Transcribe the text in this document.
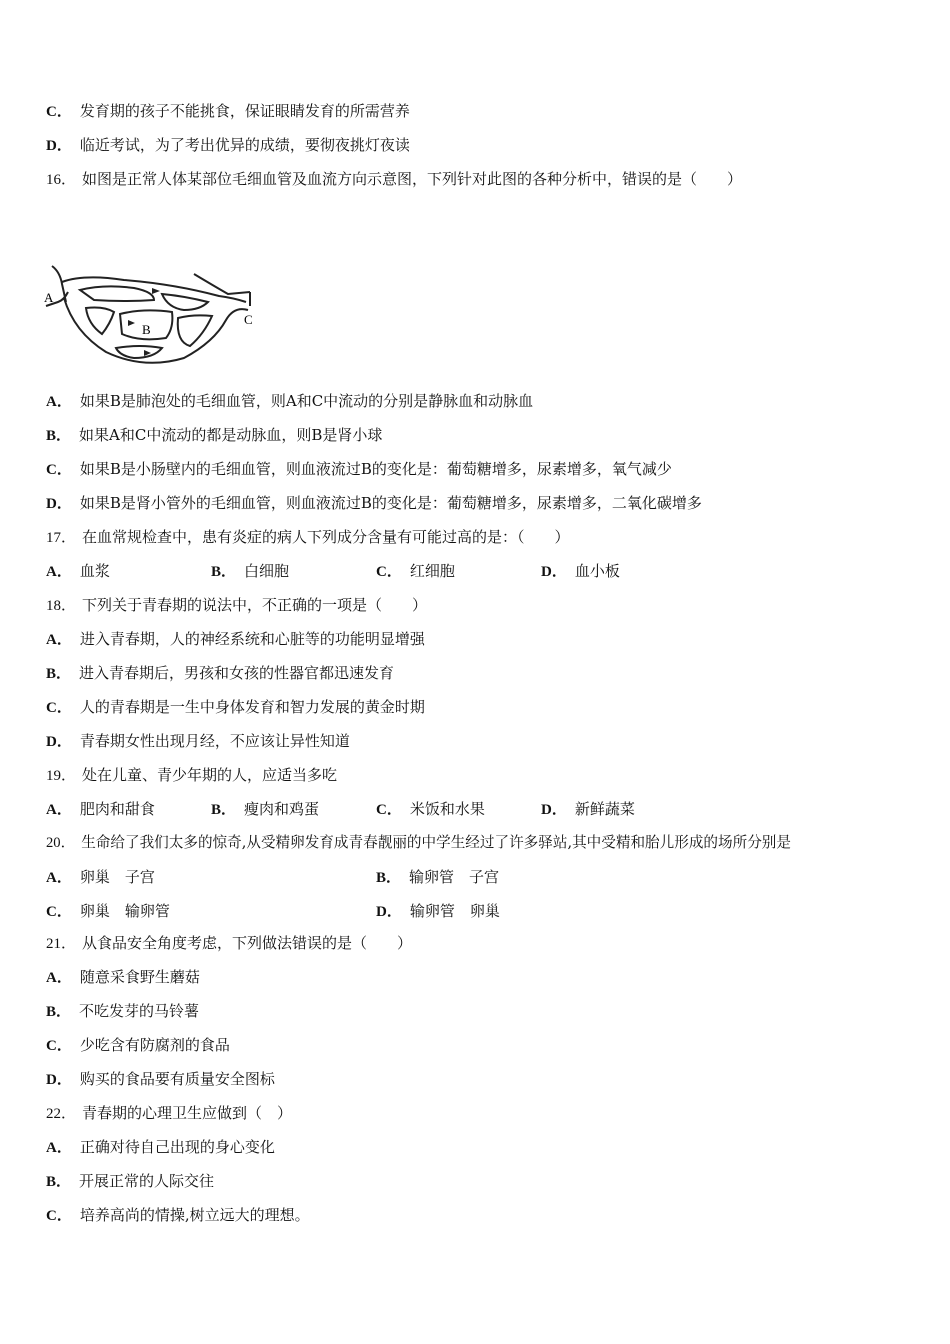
C． 发育期的孩子不能挑食，保证眼睛发育的所需营养
D． 临近考试，为了考出优异的成绩，要彻夜挑灯夜读
16． 如图是正常人体某部位毛细血管及血流方向示意图，下列针对此图的各种分析中，错误的是（　　）
A
B
C
A． 如果B是肺泡处的毛细血管，则A和C中流动的分别是静脉血和动脉血
B． 如果A和C中流动的都是动脉血，则B是肾小球
C． 如果B是小肠壁内的毛细血管，则血液流过B的变化是：葡萄糖增多，尿素增多，氧气减少
D． 如果B是肾小管外的毛细血管，则血液流过B的变化是：葡萄糖增多，尿素增多，二氧化碳增多
17． 在血常规检查中，患有炎症的病人下列成分含量有可能过高的是：（　　）
A． 血浆	B． 白细胞	C． 红细胞	D． 血小板
18． 下列关于青春期的说法中，不正确的一项是（　　）
A． 进入青春期，人的神经系统和心脏等的功能明显增强
B． 进入青春期后，男孩和女孩的性器官都迅速发育
C． 人的青春期是一生中身体发育和智力发展的黄金时期
D． 青春期女性出现月经，不应该让异性知道
19． 处在儿童、青少年期的人，应适当多吃
A． 肥肉和甜食	B． 瘦肉和鸡蛋	C． 米饭和水果	D． 新鲜蔬菜
20． 生命给了我们太多的惊奇,从受精卵发育成青春靓丽的中学生经过了许多驿站,其中受精和胎儿形成的场所分别是
A． 卵巢　子宫	B． 输卵管　子宫
C． 卵巢　输卵管	D． 输卵管　卵巢
21． 从食品安全角度考虑，下列做法错误的是（　　）
A． 随意采食野生蘑菇
B． 不吃发芽的马铃薯
C． 少吃含有防腐剂的食品
D． 购买的食品要有质量安全图标
22． 青春期的心理卫生应做到（　）
A． 正确对待自己出现的身心变化
B． 开展正常的人际交往
C． 培养高尚的情操,树立远大的理想。
